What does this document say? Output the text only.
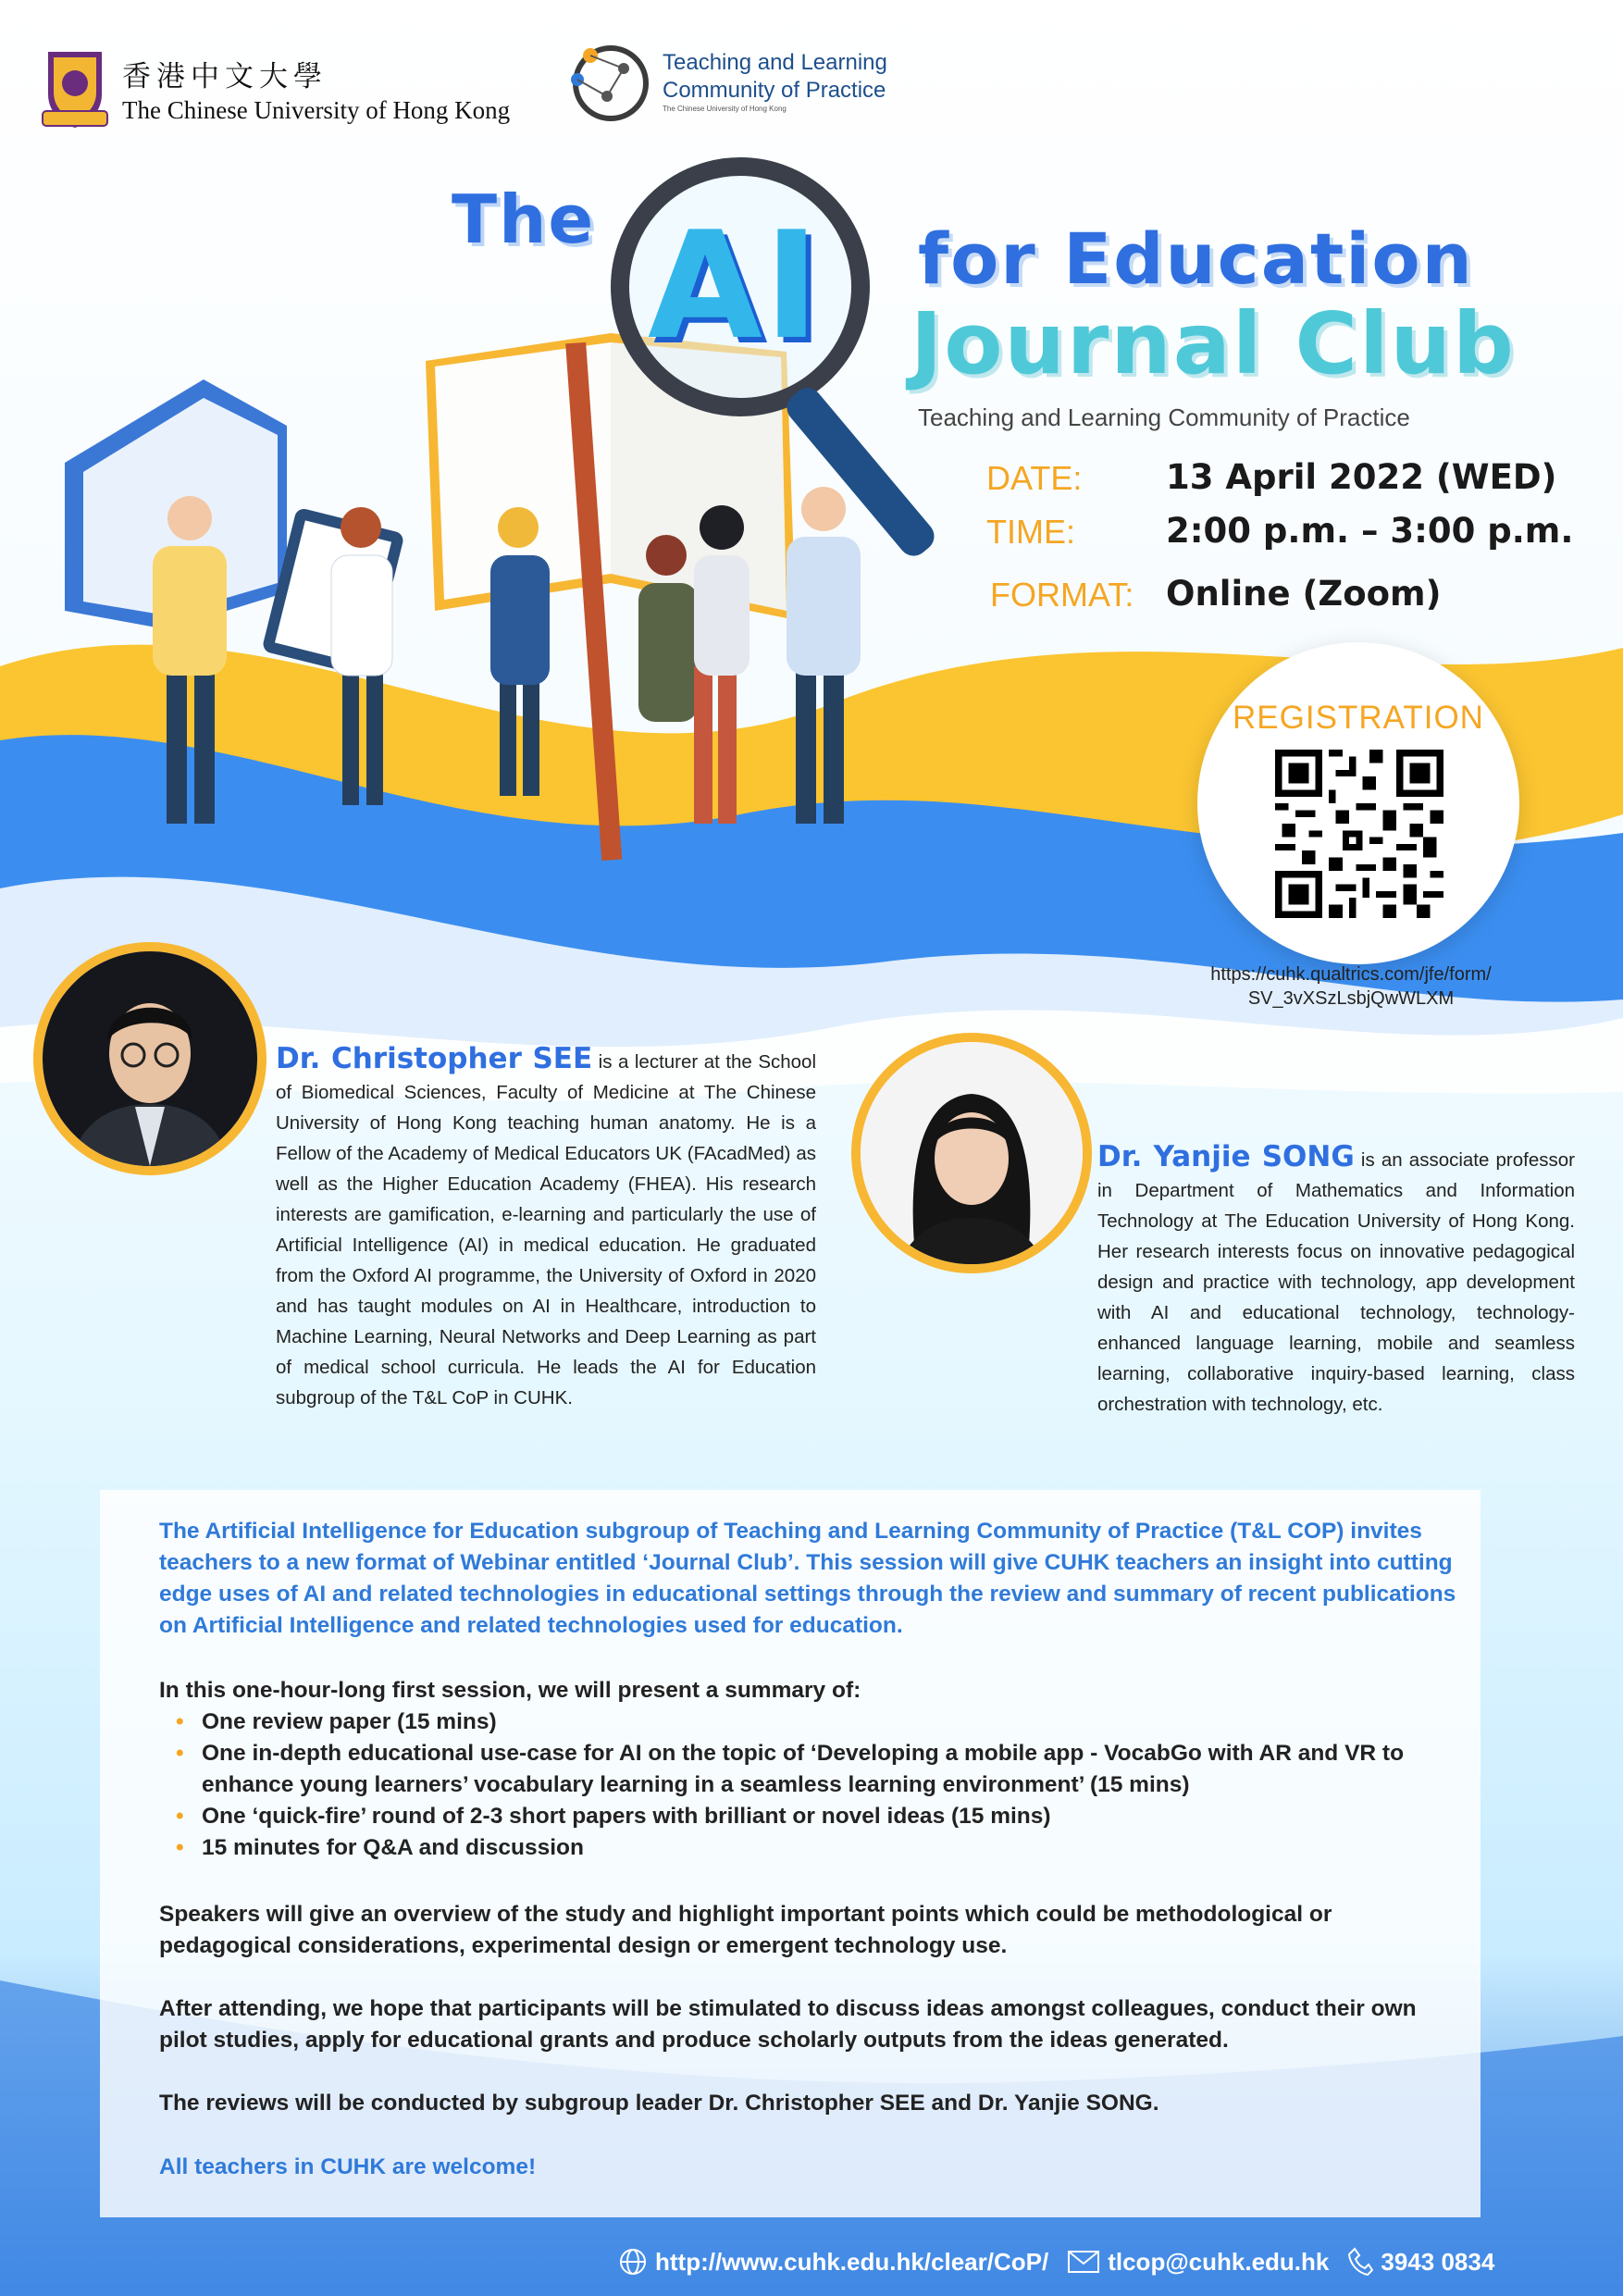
香港中文大學
The Chinese University of Hong Kong
Teaching and Learning
Community of Practice
The Chinese University of Hong Kong
The AI for Education
Journal Club
Teaching and Learning Community of Practice
DATE: 13 April 2022 (WED)
TIME:	2:00 p.m. – 3:00 p.m.
FORMAT: Online (Zoom)
REGISTRATION
https://cuhk.qualtrics.com/jfe/form/
SV_3vXSzLsbjQwWLXM
Dr. Christopher SEE is a lecturer at the School of Biomedical Sciences, Faculty of Medicine at The Chinese University of Hong Kong teaching human anatomy. He is a Fellow of the Academy of Medical Educators UK (FAcadMed) as well as the Higher Education Academy (FHEA). His research interests are gamification, e-learning and particularly the use of Artificial Intelligence (AI) in medical education. He graduated from the Oxford AI programme, the University of Oxford in 2020 and has taught modules on AI in Healthcare, introduction to Machine Learning, Neural Networks and Deep Learning as part of medical school curricula. He leads the AI for Education subgroup of the T&L CoP in CUHK.
Dr. Yanjie SONG is an associate professor in Department of Mathematics and Information Technology at The Education University of Hong Kong. Her research interests focus on innovative pedagogical design and practice with technology, app development with AI and educational technology, technology-enhanced language learning, mobile and seamless learning, collaborative inquiry-based learning, class orchestration with technology, etc.
The Artificial Intelligence for Education subgroup of Teaching and Learning Community of Practice (T&L COP) invites teachers to a new format of Webinar entitled ‘Journal Club’. This session will give CUHK teachers an insight into cutting edge uses of AI and related technologies in educational settings through the review and summary of recent publications on Artificial Intelligence and related technologies used for education.
In this one-hour-long first session, we will present a summary of:
• One review paper (15 mins)
• One in-depth educational use-case for AI on the topic of ‘Developing a mobile app - VocabGo with AR and VR to enhance young learners’ vocabulary learning in a seamless learning environment’ (15 mins)
• One ‘quick-fire’ round of 2-3 short papers with brilliant or novel ideas (15 mins)
• 15 minutes for Q&A and discussion
Speakers will give an overview of the study and highlight important points which could be methodological or pedagogical considerations, experimental design or emergent technology use.
After attending, we hope that participants will be stimulated to discuss ideas amongst colleagues, conduct their own pilot studies, apply for educational grants and produce scholarly outputs from the ideas generated.
The reviews will be conducted by subgroup leader Dr. Christopher SEE and Dr. Yanjie SONG.
All teachers in CUHK are welcome!
http://www.cuhk.edu.hk/clear/CoP/ tlcop@cuhk.edu.hk 3943 0834
